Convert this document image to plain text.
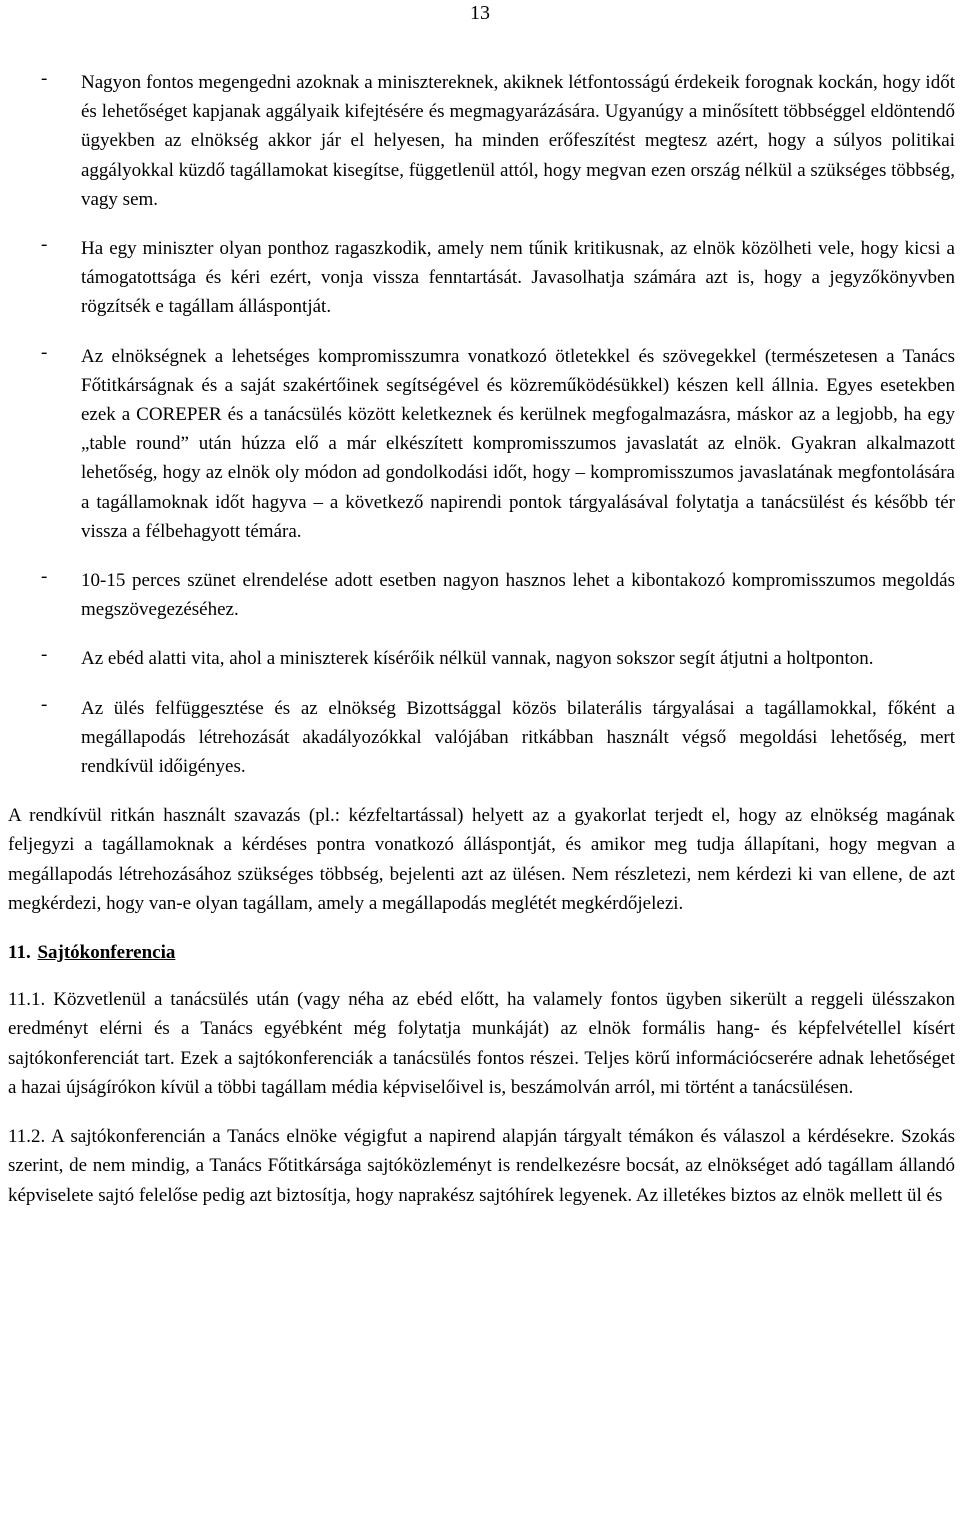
13
-	Nagyon fontos megengedni azoknak a minisztereknek, akiknek létfontosságú érdekeik forognak kockán, hogy időt és lehetőséget kapjanak aggályaik kifejtésére és megmagyarázására. Ugyanúgy a minősített többséggel eldöntendő ügyekben az elnökség akkor jár el helyesen, ha minden erőfeszítést megtesz azért, hogy a súlyos politikai aggályokkal küzdő tagállamokat kisegítse, függetlenül attól, hogy megvan ezen ország nélkül a szükséges többség, vagy sem.
-	Ha egy miniszter olyan ponthoz ragaszkodik, amely nem tűnik kritikusnak, az elnök közölheti vele, hogy kicsi a támogatottsága és kéri ezért, vonja vissza fenntartását. Javasolhatja számára azt is, hogy a jegyzőkönyvben rögzítsék e tagállam álláspontját.
-	Az elnökségnek a lehetséges kompromisszumra vonatkozó ötletekkel és szövegekkel (természetesen a Tanács Főtitkárságnak és a saját szakértőinek segítségével és közreműködésükkel) készen kell állnia. Egyes esetekben ezek a COREPER és a tanácsülés között keletkeznek és kerülnek megfogalmazásra, máskor az a legjobb, ha egy „table round” után húzza elő a már elkészített kompromisszumos javaslatát az elnök. Gyakran alkalmazott lehetőség, hogy az elnök oly módon ad gondolkodási időt, hogy – kompromisszumos javaslatának megfontolására a tagállamoknak időt hagyva – a következő napirendi pontok tárgyalásával folytatja a tanácsülést és később tér vissza a félbehagyott témára.
-	10-15 perces szünet elrendelése adott esetben nagyon hasznos lehet a kibontakozó kompromisszumos megoldás megszövegezéséhez.
-	Az ebéd alatti vita, ahol a miniszterek kísérőik nélkül vannak, nagyon sokszor segít átjutni a holtponton.
-	Az ülés felfüggesztése és az elnökség Bizottsággal közös bilaterális tárgyalásai a tagállamokkal, főként a megállapodás létrehozását akadályozókkal valójában ritkábban használt végső megoldási lehetőség, mert rendkívül időigényes.
A rendkívül ritkán használt szavazás (pl.: kézfeltartással) helyett az a gyakorlat terjedt el, hogy az elnökség magának feljegyzi a tagállamoknak a kérdéses pontra vonatkozó álláspontját, és amikor meg tudja állapítani, hogy megvan a megállapodás létrehozásához szükséges többség, bejelenti azt az ülésen. Nem részletezi, nem kérdezi ki van ellene, de azt megkérdezi, hogy van-e olyan tagállam, amely a megállapodás meglétét megkérdőjelezi.
11. Sajtókonferencia
11.1. Közvetlenül a tanácsülés után (vagy néha az ebéd előtt, ha valamely fontos ügyben sikerült a reggeli ülésszakon eredményt elérni és a Tanács egyébként még folytatja munkáját) az elnök formális hang- és képfelvétellel kísért sajtókonferenciát tart. Ezek a sajtókonferenciák a tanácsülés fontos részei. Teljes körű információcserére adnak lehetőséget a hazai újságírókon kívül a többi tagállam média képviselőivel is, beszámolván arról, mi történt a tanácsülésen.
11.2. A sajtókonferencián a Tanács elnöke végigfut a napirend alapján tárgyalt témákon és válaszol a kérdésekre. Szokás szerint, de nem mindig, a Tanács Főtitkársága sajtóközleményt is rendelkezésre bocsát, az elnökséget adó tagállam állandó képviselete sajtó felelőse pedig azt biztosítja, hogy naprakész sajtóhírek legyenek. Az illetékes biztos az elnök mellett ül és
